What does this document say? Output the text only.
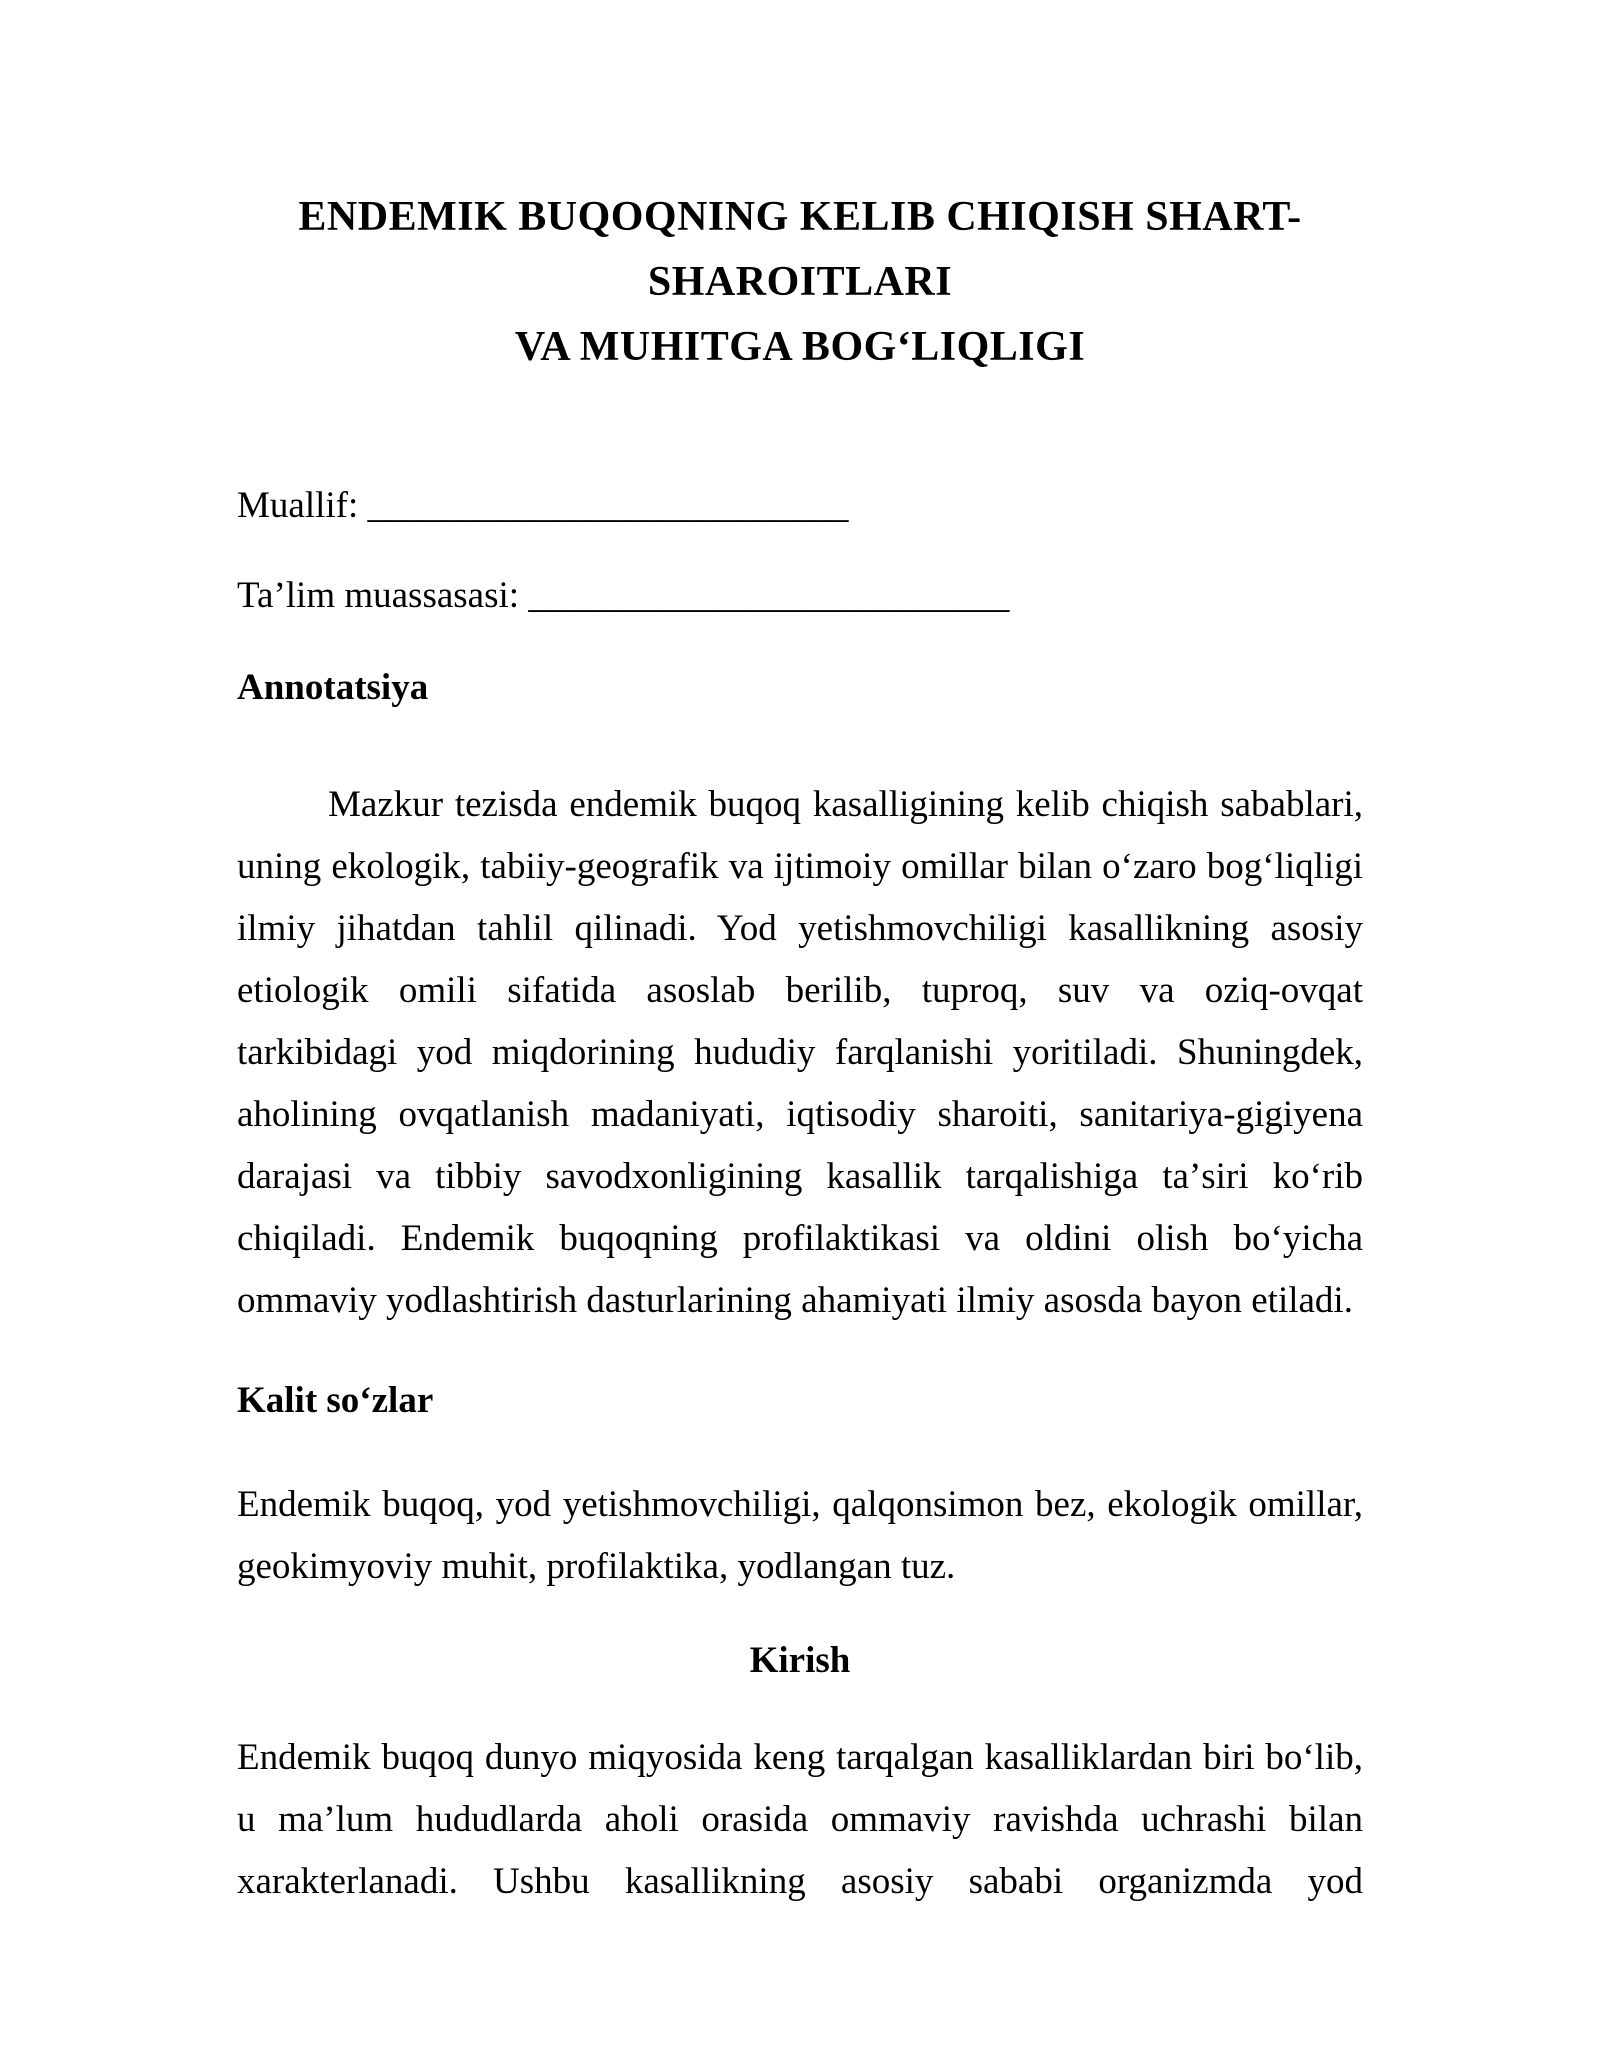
ENDEMIK BUQOQNING KELIB CHIQISH SHART-SHAROITLARI
VA MUHITGA BOGʻLIQLIGI

Muallif: __________________________

Taʼlim muassasasi: __________________________

Annotatsiya

Mazkur tezisda endemik buqoq kasalligining kelib chiqish sabablari, uning ekologik, tabiiy-geografik va ijtimoiy omillar bilan oʻzaro bogʻliqligi ilmiy jihatdan tahlil qilinadi. Yod yetishmovchiligi kasallikning asosiy etiologik omili sifatida asoslab berilib, tuproq, suv va oziq-ovqat tarkibidagi yod miqdorining hududiy farqlanishi yoritiladi. Shuningdek, aholining ovqatlanish madaniyati, iqtisodiy sharoiti, sanitariya-gigiyena darajasi va tibbiy savodxonligining kasallik tarqalishiga taʼsiri koʻrib chiqiladi. Endemik buqoqning profilaktikasi va oldini olish boʻyicha ommaviy yodlashtirish dasturlarining ahamiyati ilmiy asosda bayon etiladi.

Kalit soʻzlar

Endemik buqoq, yod yetishmovchiligi, qalqonsimon bez, ekologik omillar, geokimyoviy muhit, profilaktika, yodlangan tuz.

Kirish

Endemik buqoq dunyo miqyosida keng tarqalgan kasalliklardan biri boʻlib, u maʼlum hududlarda aholi orasida ommaviy ravishda uchrashi bilan xarakterlanadi. Ushbu kasallikning asosiy sababi organizmda yod
